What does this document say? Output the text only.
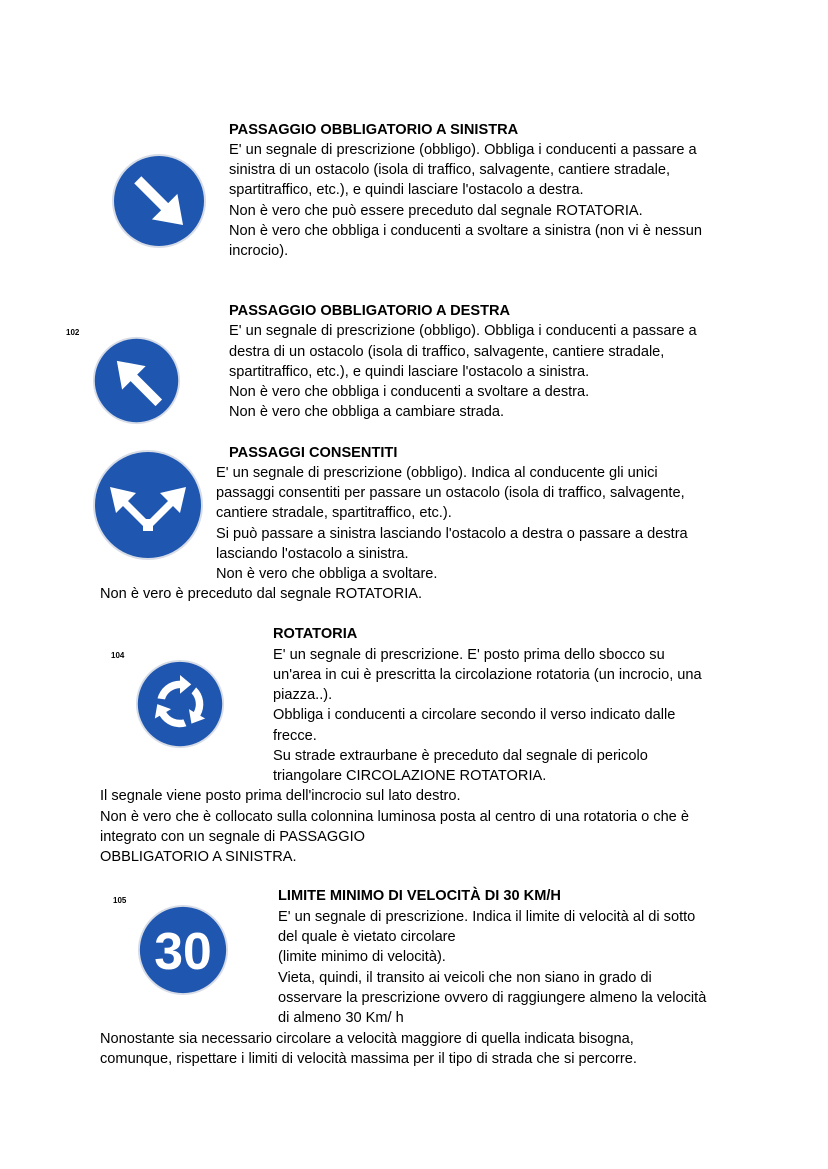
PASSAGGIO OBBLIGATORIO A SINISTRA
E' un segnale di prescrizione (obbligo). Obbliga i conducenti a passare a
sinistra di un ostacolo (isola di traffico, salvagente, cantiere stradale,
spartitraffico, etc.), e quindi lasciare l'ostacolo a destra.
Non è vero che può essere preceduto dal segnale ROTATORIA.
Non è vero che obbliga i conducenti a svoltare a sinistra (non vi è nessun
incrocio).
102
PASSAGGIO OBBLIGATORIO A DESTRA
E' un segnale di prescrizione (obbligo). Obbliga i conducenti a passare a
destra di un ostacolo (isola di traffico, salvagente, cantiere stradale,
spartitraffico, etc.), e quindi lasciare l'ostacolo a sinistra.
Non è vero che obbliga i conducenti a svoltare a destra.
Non è vero che obbliga a cambiare strada.
PASSAGGI CONSENTITI
E' un segnale di prescrizione (obbligo). Indica al conducente gli unici
passaggi consentiti per passare un ostacolo (isola di traffico, salvagente,
cantiere stradale, spartitraffico, etc.).
Si può passare a sinistra lasciando l'ostacolo a destra o passare a destra
lasciando l'ostacolo a sinistra.
Non è vero che obbliga a svoltare.
Non è vero è preceduto dal segnale ROTATORIA.
104
ROTATORIA
E' un segnale di prescrizione. E' posto prima dello sbocco su
un'area in cui è prescritta la circolazione rotatoria (un incrocio, una
piazza..).
Obbliga i conducenti a circolare secondo il verso indicato dalle
frecce.
Su strade extraurbane è preceduto dal segnale di pericolo
triangolare CIRCOLAZIONE ROTATORIA.
Il segnale viene posto prima dell'incrocio sul lato destro.
Non è vero che è collocato sulla colonnina luminosa posta al centro di una rotatoria o che è
integrato con un segnale di PASSAGGIO
OBBLIGATORIO A SINISTRA.
105
30
LIMITE MINIMO DI VELOCITÀ DI 30 KM/H
E' un segnale di prescrizione. Indica il limite di velocità al di sotto
del quale è vietato circolare
(limite minimo di velocità).
Vieta, quindi, il transito ai veicoli che non siano in grado di
osservare la prescrizione ovvero di raggiungere almeno la velocità
di almeno 30 Km/ h
Nonostante sia necessario circolare a velocità maggiore di quella indicata bisogna,
comunque, rispettare i limiti di velocità massima per il tipo di strada che si percorre.
